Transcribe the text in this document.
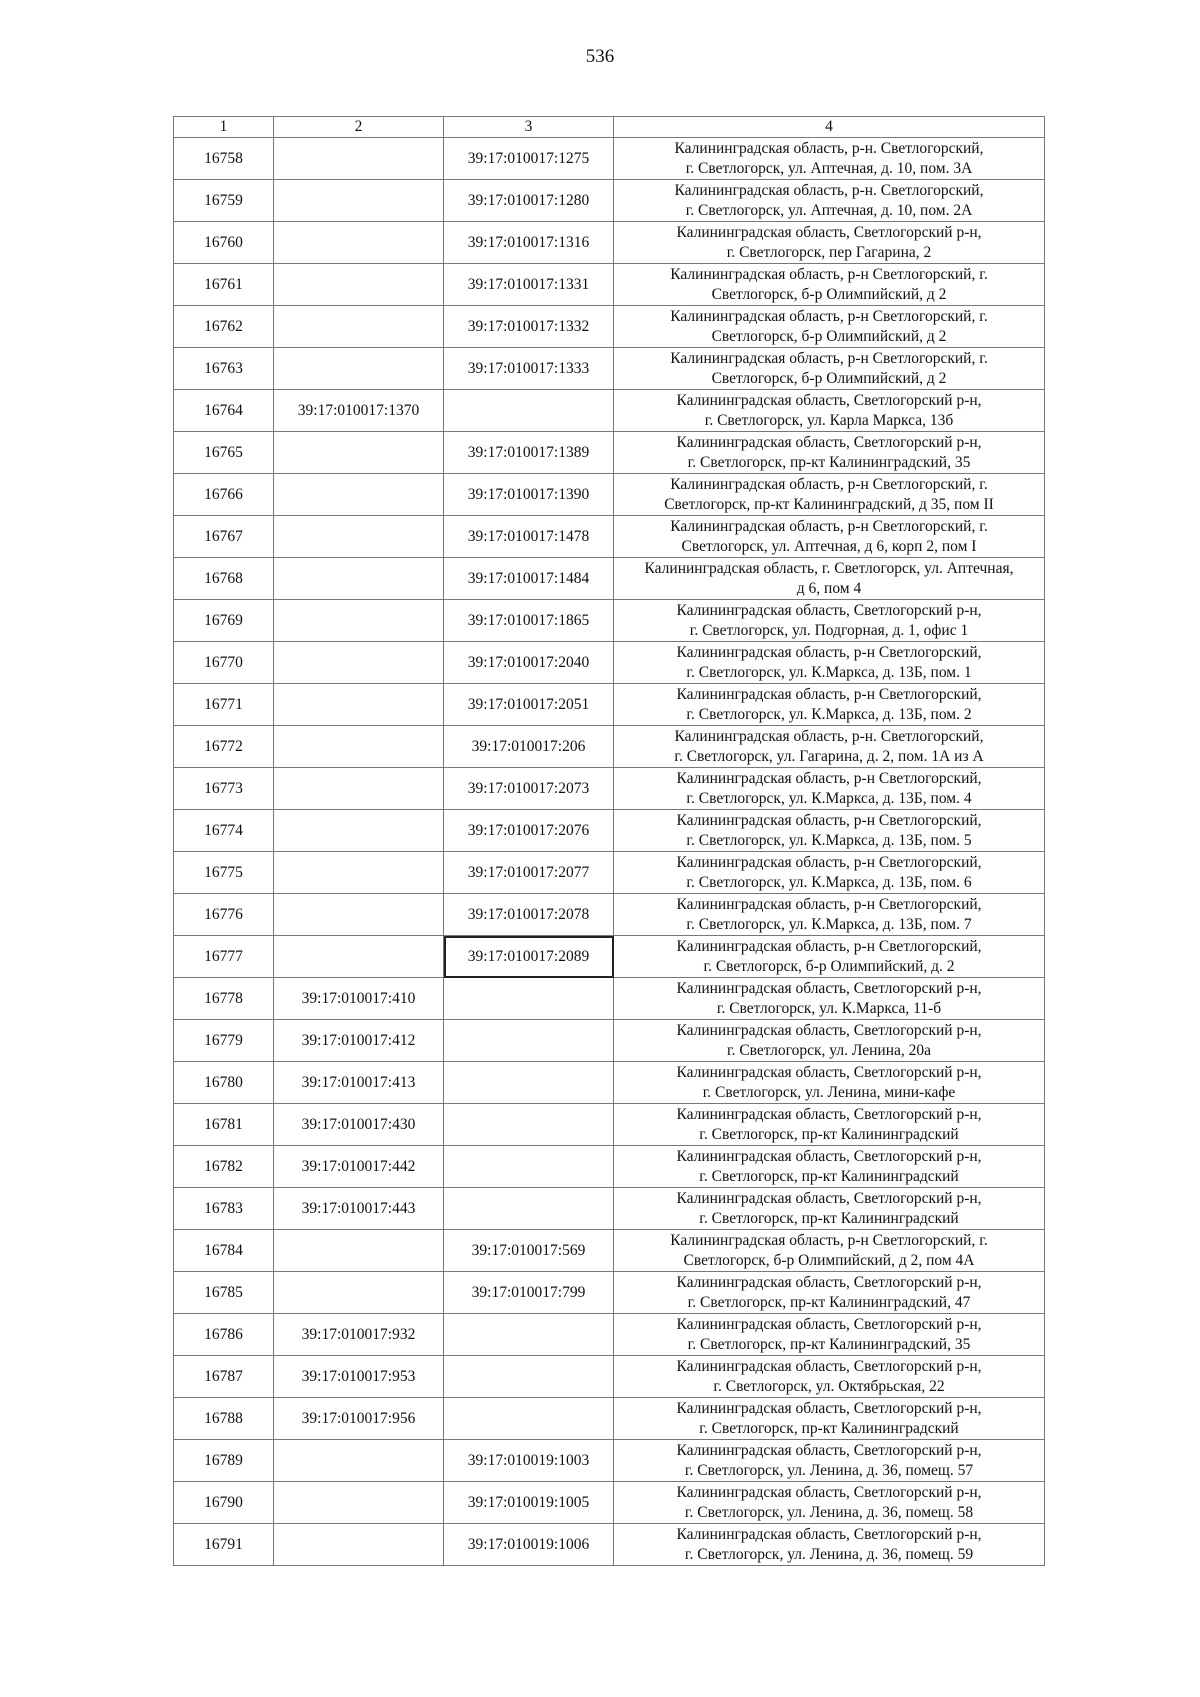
536
1	2	3	4
16758		39:17:010017:1275	Калининградская область, р-н. Светлогорский,
г. Светлогорск, ул. Аптечная, д. 10, пом. 3А

16759		39:17:010017:1280	Калининградская область, р-н. Светлогорский,
г. Светлогорск, ул. Аптечная, д. 10, пом. 2А

16760		39:17:010017:1316	Калининградская область, Светлогорский р-н,
г. Светлогорск, пер Гагарина, 2

16761		39:17:010017:1331	Калининградская область, р-н Светлогорский, г.
Светлогорск, б-р Олимпийский, д 2

16762		39:17:010017:1332	Калининградская область, р-н Светлогорский, г.
Светлогорск, б-р Олимпийский, д 2

16763		39:17:010017:1333	Калининградская область, р-н Светлогорский, г.
Светлогорск, б-р Олимпийский, д 2

16764	39:17:010017:1370		Калининградская область, Светлогорский р-н,
г. Светлогорск, ул. Карла Маркса, 13б

16765		39:17:010017:1389	Калининградская область, Светлогорский р-н,
г. Светлогорск, пр-кт Калининградский, 35

16766		39:17:010017:1390	Калининградская область, р-н Светлогорский, г.
Светлогорск, пр-кт Калининградский, д 35, пом II

16767		39:17:010017:1478	Калининградская область, р-н Светлогорский, г.
Светлогорск, ул. Аптечная, д 6, корп 2, пом I

16768		39:17:010017:1484	Калининградская область, г. Светлогорск, ул. Аптечная,
д 6, пом 4

16769		39:17:010017:1865	Калининградская область, Светлогорский р-н,
г. Светлогорск, ул. Подгорная, д. 1, офис 1

16770		39:17:010017:2040	Калининградская область, р-н Светлогорский,
г. Светлогорск, ул. К.Маркса, д. 13Б, пом. 1

16771		39:17:010017:2051	Калининградская область, р-н Светлогорский,
г. Светлогорск, ул. К.Маркса, д. 13Б, пом. 2

16772		39:17:010017:206	Калининградская область, р-н. Светлогорский,
г. Светлогорск, ул. Гагарина, д. 2, пом. 1А из А

16773		39:17:010017:2073	Калининградская область, р-н Светлогорский,
г. Светлогорск, ул. К.Маркса, д. 13Б, пом. 4

16774		39:17:010017:2076	Калининградская область, р-н Светлогорский,
г. Светлогорск, ул. К.Маркса, д. 13Б, пом. 5

16775		39:17:010017:2077	Калининградская область, р-н Светлогорский,
г. Светлогорск, ул. К.Маркса, д. 13Б, пом. 6

16776		39:17:010017:2078	Калининградская область, р-н Светлогорский,
г. Светлогорск, ул. К.Маркса, д. 13Б, пом. 7

16777		39:17:010017:2089	Калининградская область, р-н Светлогорский,
г. Светлогорск, б-р Олимпийский, д. 2

16778	39:17:010017:410		Калининградская область, Светлогорский р-н,
г. Светлогорск, ул. К.Маркса, 11-б

16779	39:17:010017:412		Калининградская область, Светлогорский р-н,
г. Светлогорск, ул. Ленина, 20а

16780	39:17:010017:413		Калининградская область, Светлогорский р-н,
г. Светлогорск, ул. Ленина, мини-кафе

16781	39:17:010017:430		Калининградская область, Светлогорский р-н,
г. Светлогорск, пр-кт Калининградский

16782	39:17:010017:442		Калининградская область, Светлогорский р-н,
г. Светлогорск, пр-кт Калининградский

16783	39:17:010017:443		Калининградская область, Светлогорский р-н,
г. Светлогорск, пр-кт Калининградский

16784		39:17:010017:569	Калининградская область, р-н Светлогорский, г.
Светлогорск, б-р Олимпийский, д 2, пом 4А

16785		39:17:010017:799	Калининградская область, Светлогорский р-н,
г. Светлогорск, пр-кт Калининградский, 47

16786	39:17:010017:932		Калининградская область, Светлогорский р-н,
г. Светлогорск, пр-кт Калининградский, 35

16787	39:17:010017:953		Калининградская область, Светлогорский р-н,
г. Светлогорск, ул. Октябрьская, 22

16788	39:17:010017:956		Калининградская область, Светлогорский р-н,
г. Светлогорск, пр-кт Калининградский

16789		39:17:010019:1003	Калининградская область, Светлогорский р-н,
г. Светлогорск, ул. Ленина, д. 36, помещ. 57

16790		39:17:010019:1005	Калининградская область, Светлогорский р-н,
г. Светлогорск, ул. Ленина, д. 36, помещ. 58

16791		39:17:010019:1006	Калининградская область, Светлогорский р-н,
г. Светлогорск, ул. Ленина, д. 36, помещ. 59
